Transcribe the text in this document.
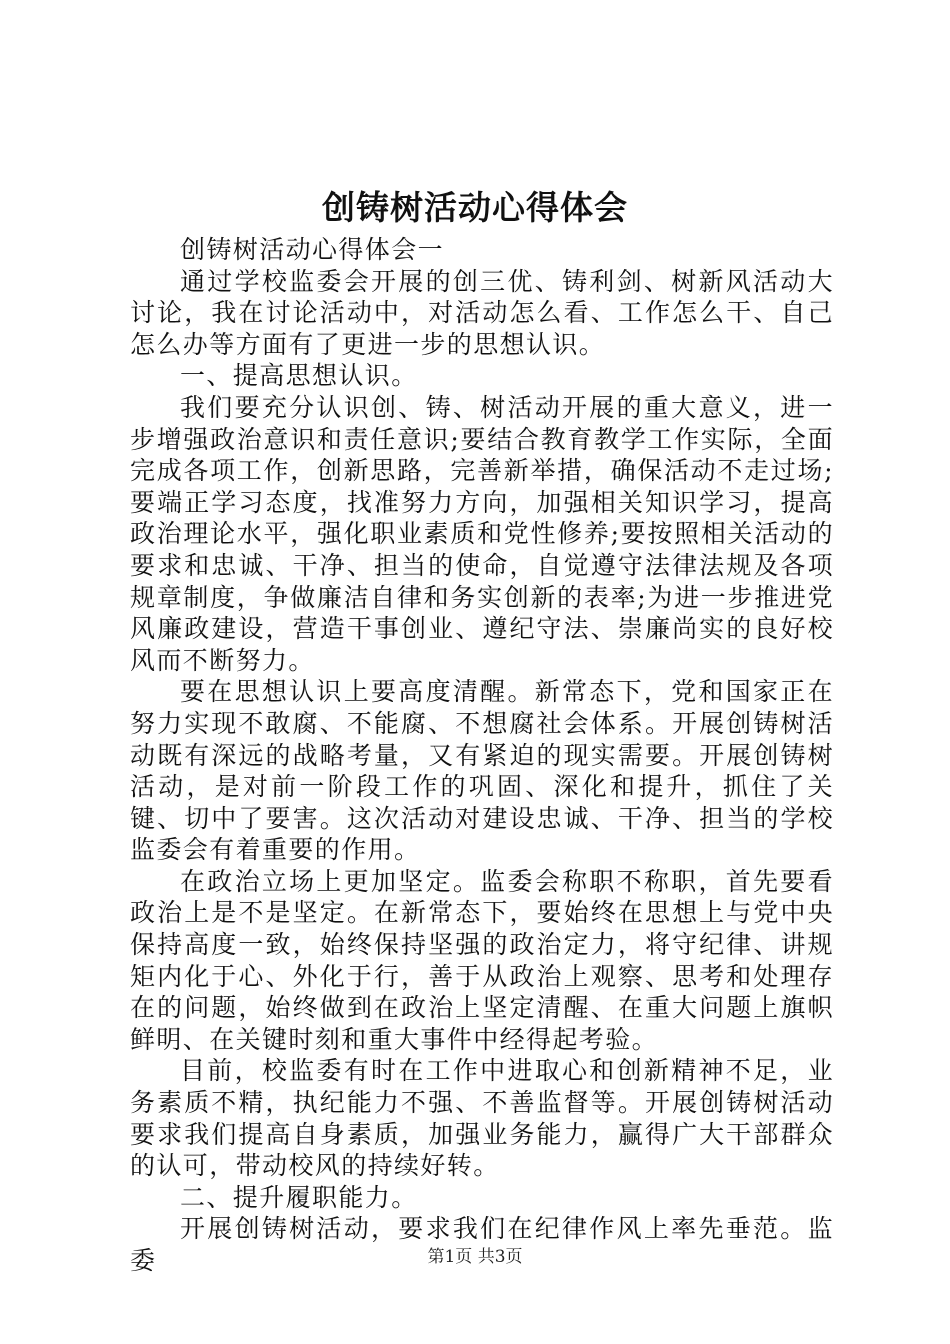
创铸树活动心得体会

创铸树活动心得体会一

通过学校监委会开展的创三优、铸利剑、树新风活动大讨论，我在讨论活动中，对活动怎么看、工作怎么干、自己怎么办等方面有了更进一步的思想认识。

一、提高思想认识。

我们要充分认识创、铸、树活动开展的重大意义，进一步增强政治意识和责任意识;要结合教育教学工作实际，全面完成各项工作，创新思路，完善新举措，确保活动不走过场;要端正学习态度，找准努力方向，加强相关知识学习，提高政治理论水平，强化职业素质和党性修养;要按照相关活动的要求和忠诚、干净、担当的使命，自觉遵守法律法规及各项规章制度，争做廉洁自律和务实创新的表率;为进一步推进党风廉政建设，营造干事创业、遵纪守法、崇廉尚实的良好校风而不断努力。

要在思想认识上要高度清醒。新常态下，党和国家正在努力实现不敢腐、不能腐、不想腐社会体系。开展创铸树活动既有深远的战略考量，又有紧迫的现实需要。开展创铸树活动，是对前一阶段工作的巩固、深化和提升，抓住了关键、切中了要害。这次活动对建设忠诚、干净、担当的学校监委会有着重要的作用。

在政治立场上更加坚定。监委会称职不称职，首先要看政治上是不是坚定。在新常态下，要始终在思想上与党中央保持高度一致，始终保持坚强的政治定力，将守纪律、讲规矩内化于心、外化于行，善于从政治上观察、思考和处理存在的问题，始终做到在政治上坚定清醒、在重大问题上旗帜鲜明、在关键时刻和重大事件中经得起考验。

目前，校监委有时在工作中进取心和创新精神不足，业务素质不精，执纪能力不强、不善监督等。开展创铸树活动要求我们提高自身素质，加强业务能力，赢得广大干部群众的认可，带动校风的持续好转。

二、提升履职能力。

开展创铸树活动，要求我们在纪律作风上率先垂范。监委	第1页 共3页
